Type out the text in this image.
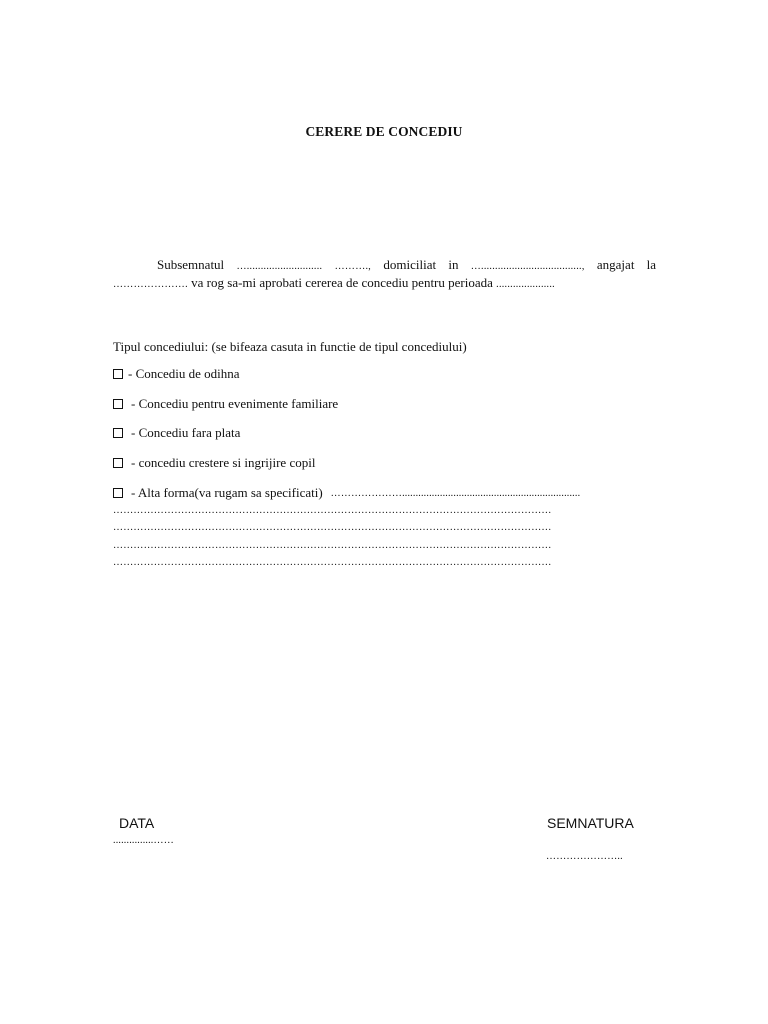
CERERE DE CONCEDIU
Subsemnatul …........................... ………., domiciliat in …...................................., angajat la …………………. va rog sa-mi aprobati cererea de concediu pentru perioada .....................
Tipul concediului: (se bifeaza casuta in functie de tipul concediului)
- Concediu de odihna
- Concediu pentru evenimente familiare
- Concediu fara plata
- concediu crestere si ingrijire copil
- Alta forma(va rugam sa specificati) …………………..................................................................
…………………………………………………………………………………………………………………
…………………………………………………………………………………………………………………
…………………………………………………………………………………………………………………
…………………………………………………………………………………………………………………
DATA
...............……
SEMNATURA
…………………..
